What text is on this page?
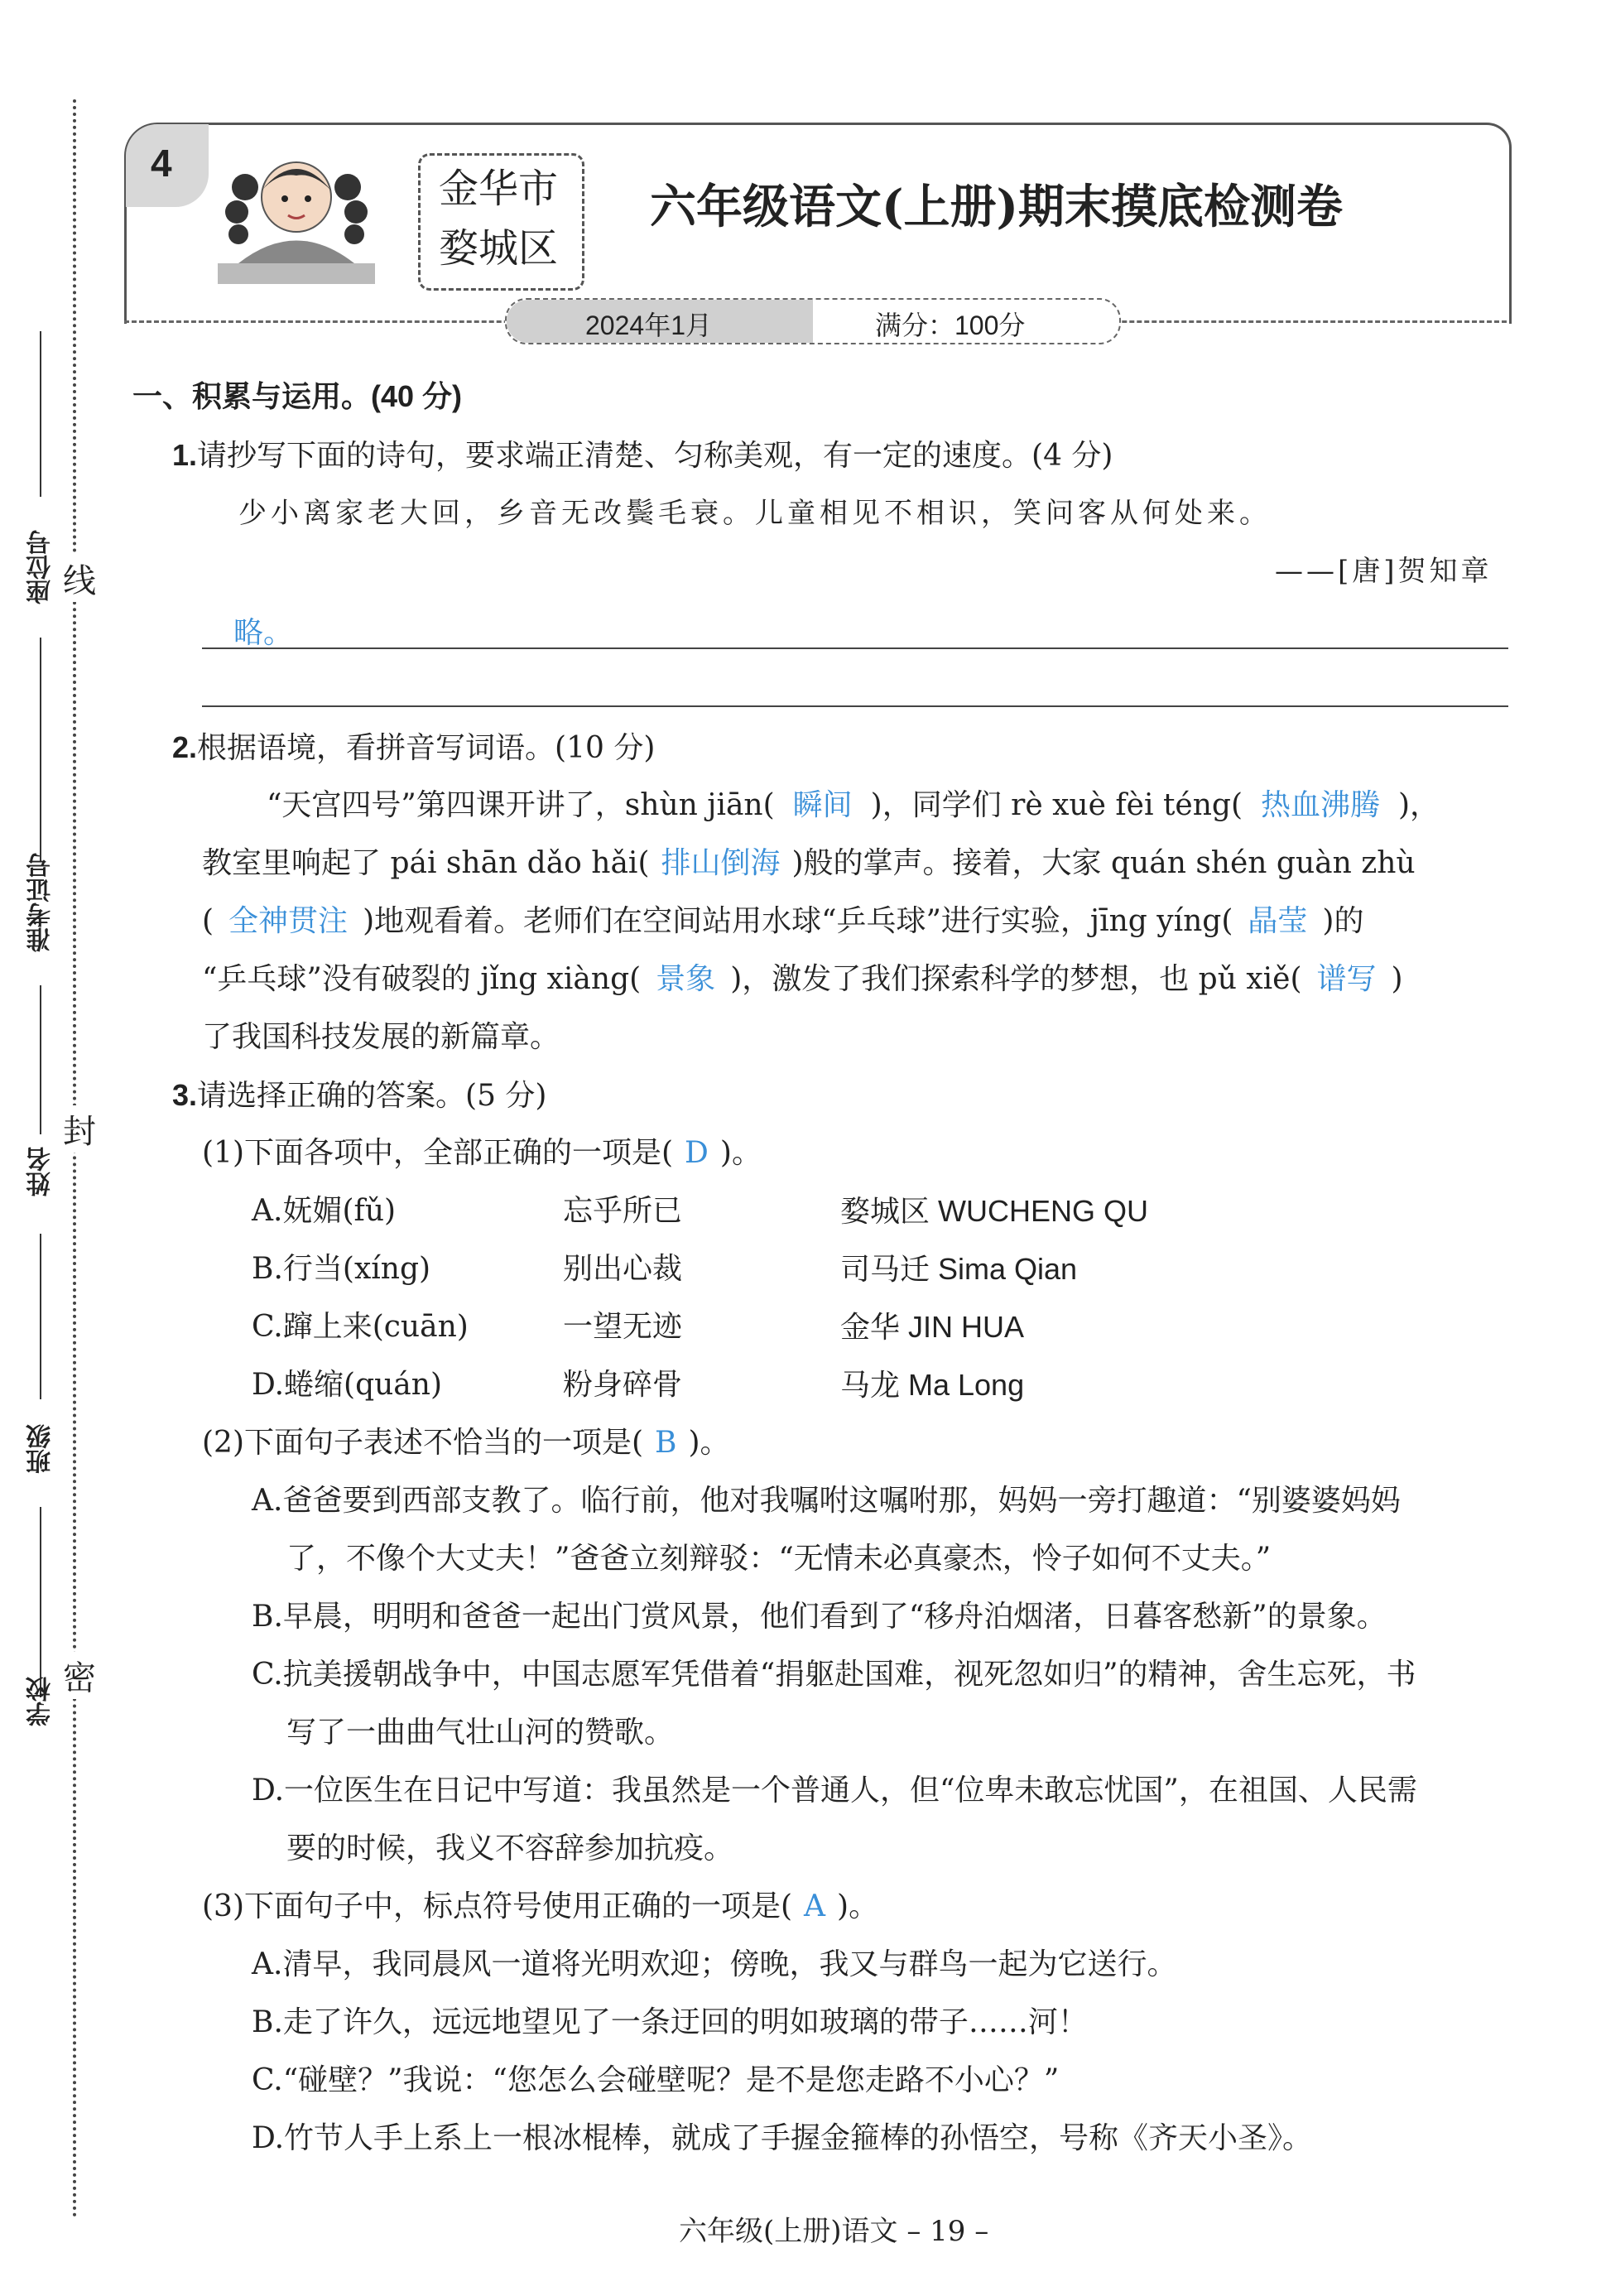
线
封
密
座位号
准考证号
姓名
班级
学校
4
金华市
婺城区
六年级语文(上册)期末摸底检测卷
2024年1月	满分：100分
一、积累与运用。(40 分)
1.请抄写下面的诗句，要求端正清楚、匀称美观，有一定的速度。(4 分)
少小离家老大回，乡音无改鬓毛衰。儿童相见不相识，笑问客从何处来。
——[唐]贺知章
略。
2.根据语境，看拼音写词语。(10 分)
“天宫四号”第四课开讲了，shùn jiān( 瞬间 )，同学们 rè xuè fèi téng( 热血沸腾 )，
教室里响起了 pái shān dǎo hǎi( 排山倒海 )般的掌声。接着，大家 quán shén guàn zhù
( 全神贯注 )地观看着。老师们在空间站用水球“乒乓球”进行实验，jīng yíng( 晶莹 )的
“乒乓球”没有破裂的 jǐng xiàng( 景象 )，激发了我们探索科学的梦想，也 pǔ xiě( 谱写 )
了我国科技发展的新篇章。
3.请选择正确的答案。(5 分)
(1)下面各项中，全部正确的一项是( D )。
A.妩媚(fǔ)	忘乎所已	婺城区 WUCHENG QU
B.行当(xíng)	别出心裁	司马迁 Sima Qian
C.蹿上来(cuān)	一望无迹	金华 JIN HUA
D.蜷缩(quán)	粉身碎骨	马龙 Ma Long
(2)下面句子表述不恰当的一项是( B )。
A.爸爸要到西部支教了。临行前，他对我嘱咐这嘱咐那，妈妈一旁打趣道：“别婆婆妈妈
了，不像个大丈夫！”爸爸立刻辩驳：“无情未必真豪杰，怜子如何不丈夫。”
B.早晨，明明和爸爸一起出门赏风景，他们看到了“移舟泊烟渚，日暮客愁新”的景象。
C.抗美援朝战争中，中国志愿军凭借着“捐躯赴国难，视死忽如归”的精神，舍生忘死，书
写了一曲曲气壮山河的赞歌。
D.一位医生在日记中写道：我虽然是一个普通人，但“位卑未敢忘忧国”，在祖国、人民需
要的时候，我义不容辞参加抗疫。
(3)下面句子中，标点符号使用正确的一项是( A )。
A.清早，我同晨风一道将光明欢迎；傍晚，我又与群鸟一起为它送行。
B.走了许久，远远地望见了一条迂回的明如玻璃的带子……河！
C.“碰壁？”我说：“您怎么会碰壁呢？是不是您走路不小心？”
D.竹节人手上系上一根冰棍棒，就成了手握金箍棒的孙悟空，号称《齐天小圣》。
六年级(上册)语文 – 19 –
